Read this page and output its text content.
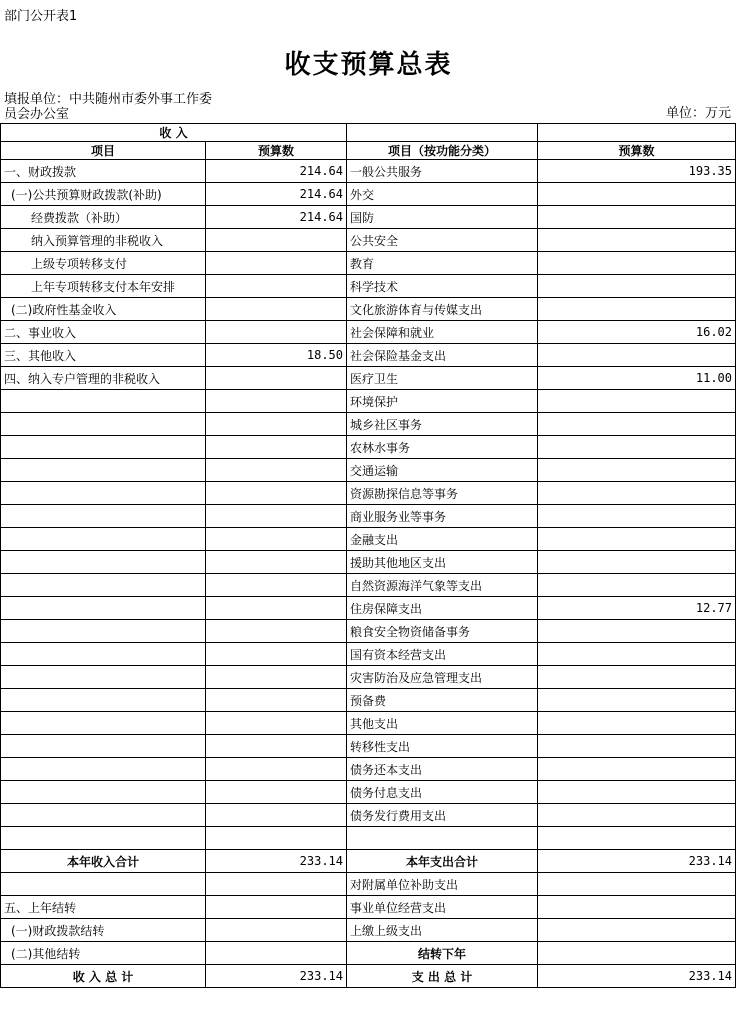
部门公开表1
收支预算总表
填报单位：中共随州市委外事工作委员会办公室	单位：万元
收 入			
项目	预算数	项目（按功能分类）	预算数
一、财政拨款	214.64	一般公共服务	193.35
(一)公共预算财政拨款(补助)	214.64	外交	
经费拨款（补助）	214.64	国防	
纳入预算管理的非税收入		公共安全	
上级专项转移支付		教育	
上年专项转移支付本年安排		科学技术	
(二)政府性基金收入		文化旅游体育与传媒支出	
二、事业收入		社会保障和就业	16.02
三、其他收入	18.50	社会保险基金支出	
四、纳入专户管理的非税收入		医疗卫生	11.00
		环境保护	
		城乡社区事务	
		农林水事务	
		交通运输	
		资源勘探信息等事务	
		商业服务业等事务	
		金融支出	
		援助其他地区支出	
		自然资源海洋气象等支出	
		住房保障支出	12.77
		粮食安全物资储备事务	
		国有资本经营支出	
		灾害防治及应急管理支出	
		预备费	
		其他支出	
		转移性支出	
		债务还本支出	
		债务付息支出	
		债务发行费用支出	

本年收入合计	233.14	本年支出合计	233.14
		对附属单位补助支出	
五、上年结转		事业单位经营支出	
(一)财政拨款结转		上缴上级支出	
(二)其他结转		结转下年	
收 入 总 计	233.14	支 出 总 计	233.14
